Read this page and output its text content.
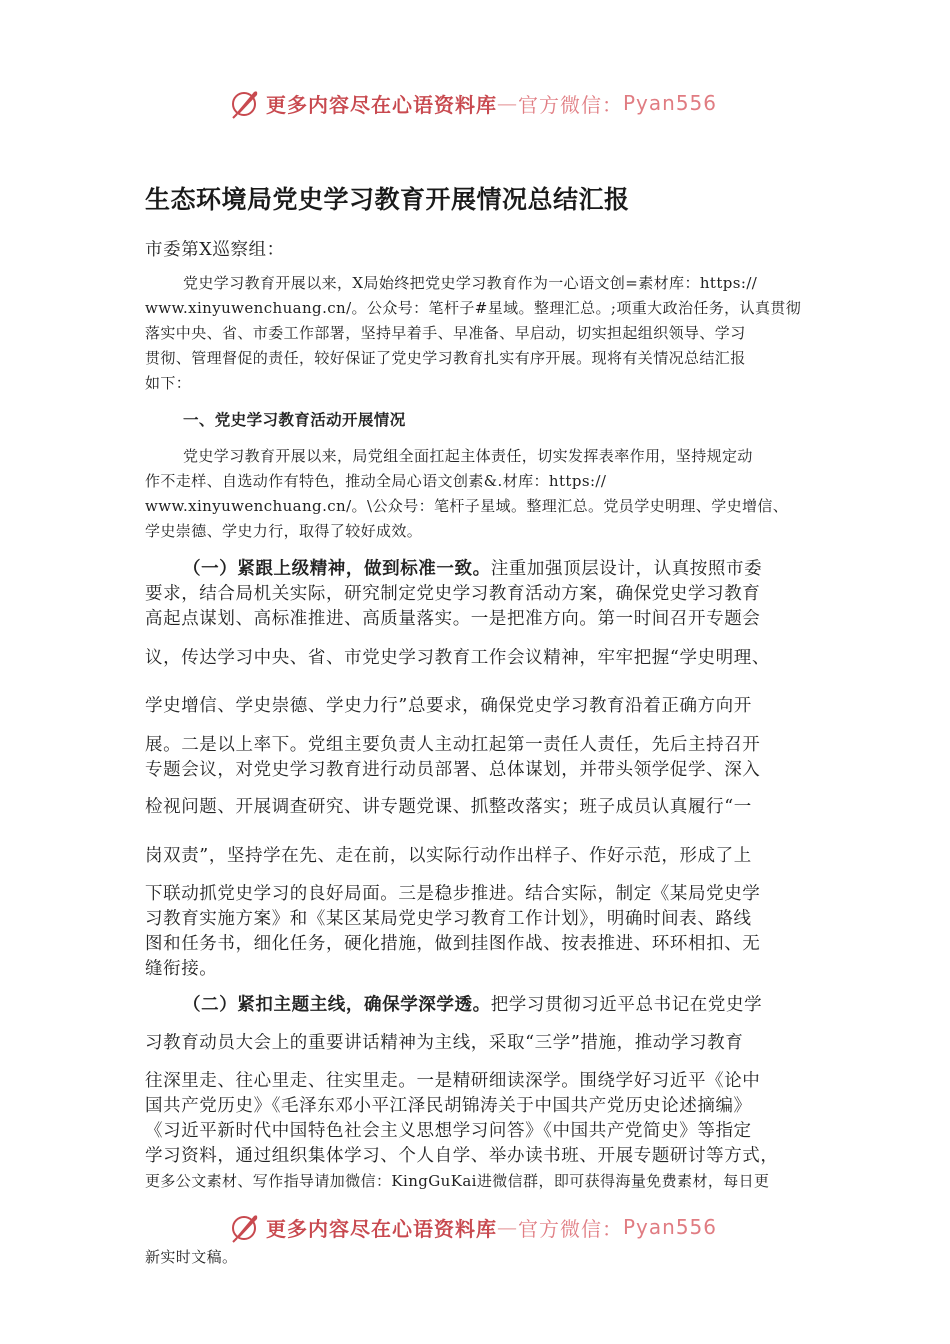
更多内容尽在心语资料库 — 官方微信： Pyan556
生态环境局党史学习教育开展情况总结汇报
市委第X巡察组：
党史学习教育开展以来，X局始终把党史学习教育作为一心语文创=素材库：https://
www.xinyuwenchuang.cn/。公众号：笔杆子#星域。整理汇总。;项重大政治任务，认真贯彻
落实中央、省、市委工作部署，坚持早着手、早准备、早启动，切实担起组织领导、学习
贯彻、管理督促的责任，较好保证了党史学习教育扎实有序开展。现将有关情况总结汇报
如下：
一、党史学习教育活动开展情况
党史学习教育开展以来，局党组全面扛起主体责任，切实发挥表率作用，坚持规定动
作不走样、自选动作有特色，推动全局心语文创素&.材库：https://
www.xinyuwenchuang.cn/。\公众号：笔杆子星域。整理汇总。党员学史明理、学史增信、
学史崇德、学史力行，取得了较好成效。
（一）紧跟上级精神，做到标准一致。注重加强顶层设计，认真按照市委
要求，结合局机关实际，研究制定党史学习教育活动方案，确保党史学习教育
高起点谋划、高标准推进、高质量落实。一是把准方向。第一时间召开专题会
议，传达学习中央、省、市党史学习教育工作会议精神，牢牢把握“学史明理、
学史增信、学史崇德、学史力行”总要求，确保党史学习教育沿着正确方向开
展。二是以上率下。党组主要负责人主动扛起第一责任人责任，先后主持召开
专题会议，对党史学习教育进行动员部署、总体谋划，并带头领学促学、深入
检视问题、开展调查研究、讲专题党课、抓整改落实；班子成员认真履行“一
岗双责”，坚持学在先、走在前，以实际行动作出样子、作好示范，形成了上
下联动抓党史学习的良好局面。三是稳步推进。结合实际，制定《某局党史学
习教育实施方案》和《某区某局党史学习教育工作计划》，明确时间表、路线
图和任务书，细化任务，硬化措施，做到挂图作战、按表推进、环环相扣、无
缝衔接。
（二）紧扣主题主线，确保学深学透。把学习贯彻习近平总书记在党史学
习教育动员大会上的重要讲话精神为主线，采取“三学”措施，推动学习教育
往深里走、往心里走、往实里走。一是精研细读深学。围绕学好习近平《论中
国共产党历史》《毛泽东邓小平江泽民胡锦涛关于中国共产党历史论述摘编》
《习近平新时代中国特色社会主义思想学习问答》《中国共产党简史》等指定
学习资料，通过组织集体学习、个人自学、举办读书班、开展专题研讨等方式，
更多公文素材、写作指导请加微信：KingGuKai进微信群，即可获得海量免费素材，每日更
更多内容尽在心语资料库 — 官方微信： Pyan556
新实时文稿。
